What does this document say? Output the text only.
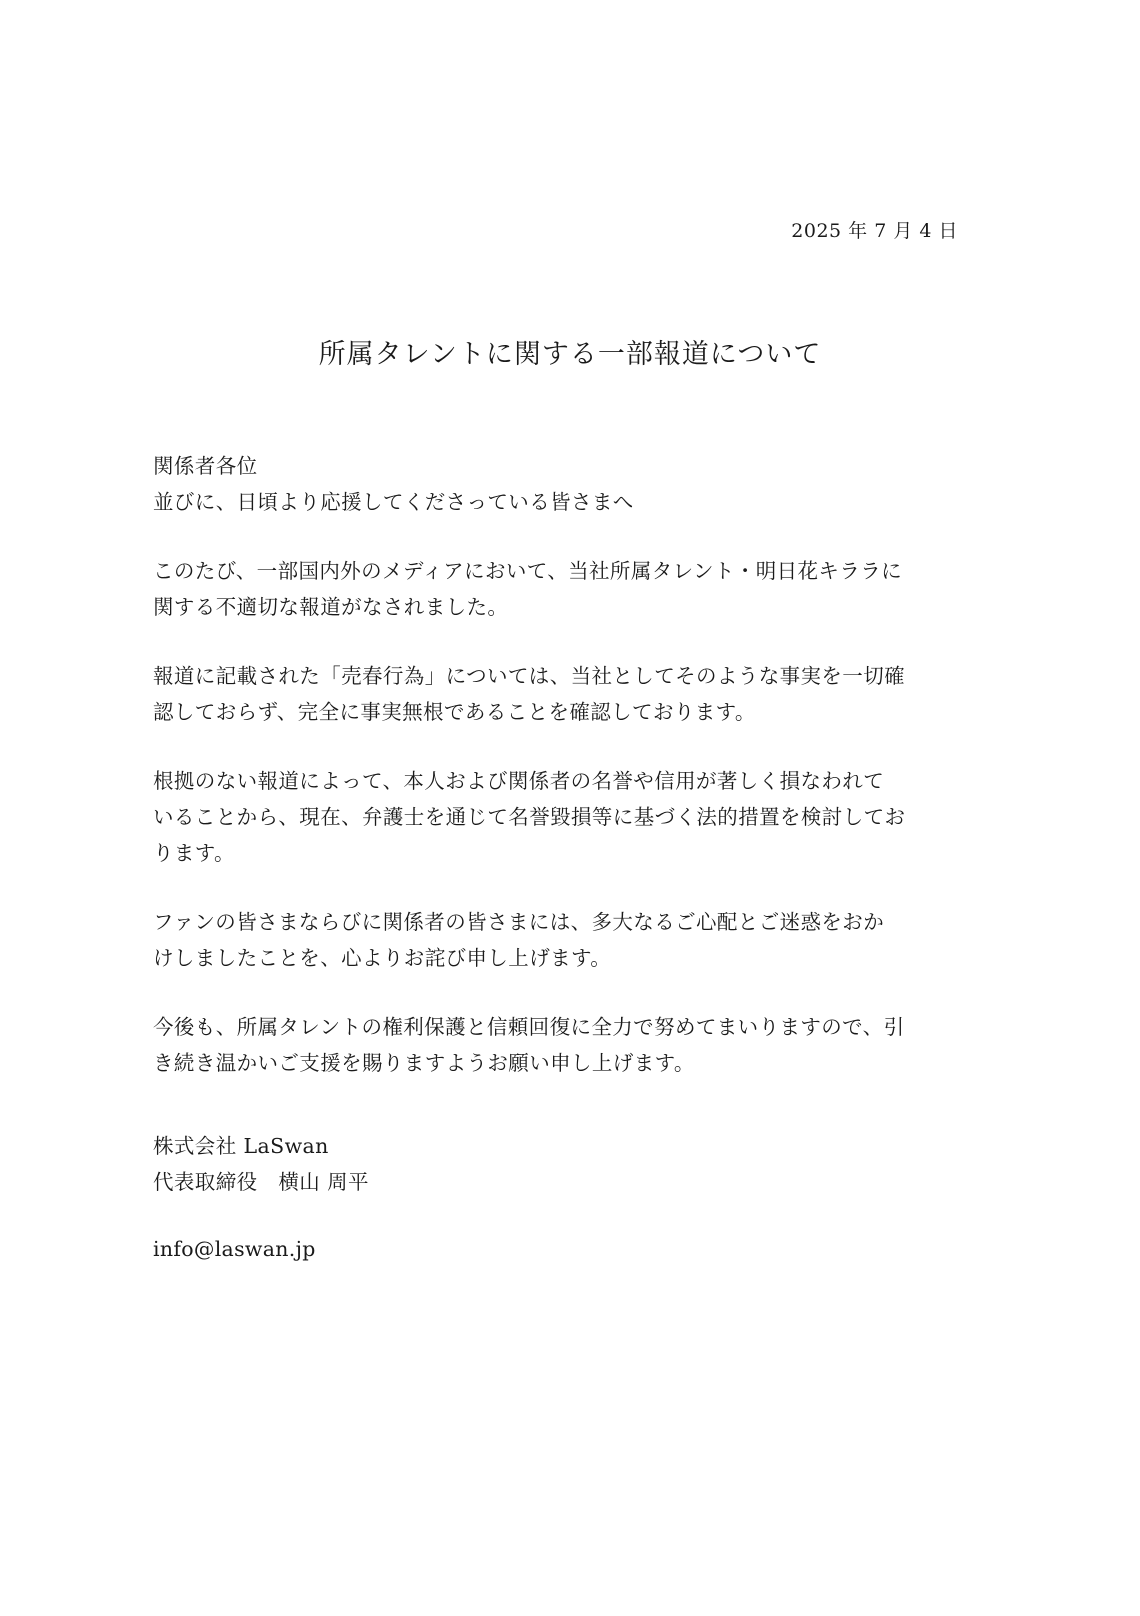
2025 年 7 月 4 日
所属タレントに関する一部報道について

関係者各位
並びに、日頃より応援してくださっている皆さまへ

このたび、一部国内外のメディアにおいて、当社所属タレント・明日花キララに
関する不適切な報道がなされました。

報道に記載された「売春行為」については、当社としてそのような事実を一切確
認しておらず、完全に事実無根であることを確認しております。

根拠のない報道によって、本人および関係者の名誉や信用が著しく損なわれて
いることから、現在、弁護士を通じて名誉毀損等に基づく法的措置を検討してお
ります。

ファンの皆さまならびに関係者の皆さまには、多大なるご心配とご迷惑をおか
けしましたことを、心よりお詫び申し上げます。

今後も、所属タレントの権利保護と信頼回復に全力で努めてまいりますので、引
き続き温かいご支援を賜りますようお願い申し上げます。

株式会社 LaSwan
代表取締役　横山 周平
info@laswan.jp
